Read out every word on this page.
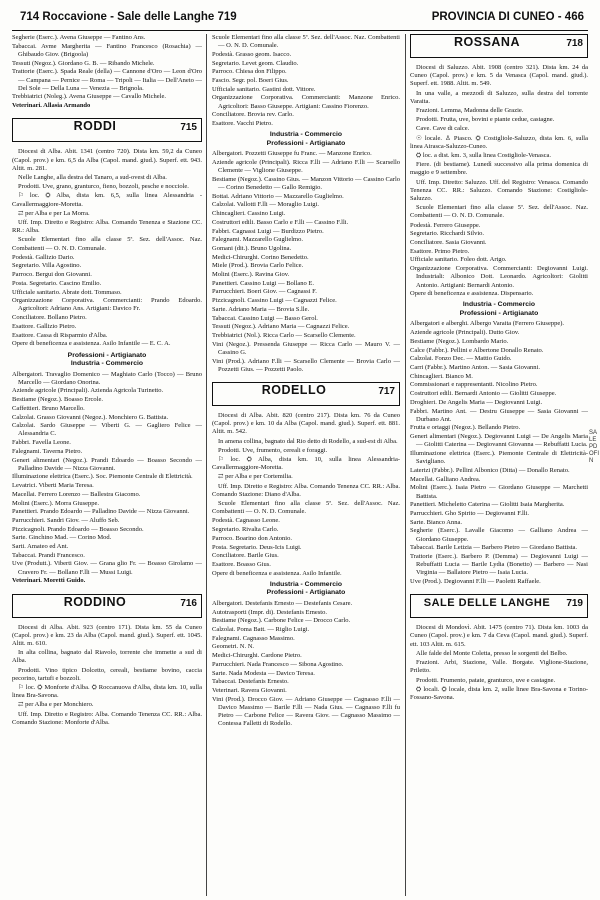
714 Roccavione - Sale delle Langhe 719	PROVINCIA DI CUNEO - 466
Segherie (Eserc.). Avena Giuseppe — Fantino Ans.
Tabaccai. Avme Margherita — Fantino Francesco (Rosachia) — Ghibaudo Giov. (Brigoola)
Tessuti (Negoz.). Giordano G. B. — Ribando Michele.
Trattorie (Eserc.). Spada Reale (della) — Cannone d'Oro — Leon d'Oro — Campana — Pernice — Roma — Tripoli — Italia — Dell'Aneto — Del Sole — Della Luna — Venezia — Brignola.
Trebbiatrici (Noleg.). Avena Giuseppe — Cavallo Michele.
Veterinari. Allasia Armando
RODDI	715
Diocesi di Alba. Abit. 1341 (centro 720). Dista km. 59,2 da Cuneo (Capol. prov.) e km. 6,5 da Alba (Capol. mand. giud.). Superf. ett. 943. Altit. m. 281.
Nelle Langhe, alla destra del Tanaro, a sud-ovest di Alba.
Prodotti. Uve, grano, granturco, fieno, bozzoli, pesche e nocciole.
⚐ loc. ⛭ Alba, dista km. 6,5, sulla linea Alessandria - Cavallermaggiore-Moretta.
⇄ per Alba e per La Morra.
Uff. Imp. Diretto e Registro: Alba. Comando Tenenza e Stazione CC. RR.: Alba.
Scuole Elementari fino alla classe 5ª. Sez. dell'Assoc. Naz. Combattenti — O. N. D. Comunale.
Podestà. Gallizio Dario.
Segretario. Villa Agostino.
Parroco. Bergui don Giovanni.
Posta. Segretario. Cascino Emilio.
Ufficiale sanitario. Abrate dott. Tommaso.
Organizzazione Corporativa. Commercianti: Prando Edoardo. Agricoltori: Adriano Ans. Artigiani: Davico Fr.
Conciliatore. Bollano Pietro.
Esattore. Gallizio Pietro.
Esattore. Cassa di Risparmio d'Alba.
Opere di beneficenza e assistenza. Asilo Infantile — E. C. A.
Professioni - Artigianato
Industria - Commercio
Albergatori. Travaglio Domenico — Maghiato Carlo (Tocco) — Bruno Marcello — Giordano Onorina.
Aziende agricole (Principali). Azienda Agricola Turinetto.
Bestiame (Negoz.). Boasso Ercole.
Caffettieri. Bruno Marcello.
Calzolai. Grasso Giovanni (Negoz.). Monchiero G. Battista.
Calzolai. Sardo Giuseppe — Viberti G. — Gagliero Felice — Alessandria C.
Fabbri. Favella Leone.
Falegnami. Taverna Pietro.
Generi alimentari (Negoz.). Prandi Edoardo — Boasso Secondo — Palladino Davide — Nizza Giovanni.
Illuminazione elettrica (Eserc.). Soc. Piemonte Centrale di Elettricità.
Levatrici. Viberti Maria Teresa.
Macellai. Ferrero Lorenzo — Ballestra Giacomo.
Molini (Eserc.). Morra Giuseppe.
Panettieri. Prando Edoardo — Palladino Davide — Nizza Giovanni.
Parrucchieri. Sandri Giov. — Aluffo Seb.
Pizzicagnoli. Prando Edoardo — Boasso Secondo.
Sarte. Ginchino Mad. — Corino Mod.
Sarti. Amateo ed Ant.
Tabaccai. Prandi Francesco.
Uve (Produtt.). Viberti Giov. — Grana glio Fr. — Boasso Girolamo — Cravero Fr. — Bollano F.lli — Mussi Luigi.
Veterinari. Moretti Guido.
RODDINO	716
Diocesi di Alba. Abit. 923 (centro 171). Dista km. 55 da Cuneo (Capol. prov.) e km. 23 da Alba (Capol. mand. giud.). Superf. ett. 1045. Altit. m. 610.
In alta collina, bagnato dal Riavolo, torrente che immette a sud di Alba.
Prodotti. Vino tipico Dolcetto, cereali, bestiame bovino, caccia pecorino, tartufi e bozzoli.
⚐ loc. ⛭ Monforte d'Alba. ⛭ Roccanuova d'Alba, dista km. 10, sulla linea Bra-Savona.
⇄ per Alba e per Monchiero.
Uff. Imp. Diretto e Registro: Alba. Comando Tenenza CC. RR.: Alba. Comando Stazione: Monforte d'Alba.
Scuole Elementari fino alla classe 5ª. Sez. dell'Assoc. Naz. Combattenti — O. N. D. Comunale.
Podestà. Grasso geom. Isacco.
Segretario. Levet geom. Claudio.
Parroco. Chiesa don Filippo.
Fascio. Segr. pol. Boeri Gius.
Ufficiale sanitario. Gastini dott. Vittore.
Organizzazione Corporativa. Commercianti: Manzone Enrico. Agricoltori: Basso Giuseppe. Artigiani: Cassino Fiorenzo.
Conciliatore. Brovia rev. Carlo.
Esattore. Vacchi Pietro.
Industria - Commercio
Professioni - Artigianato
Albergatori. Pozzetti Giuseppe fu Franc. — Manzone Enrico.
Aziende agricole (Principali). Ricca F.lli — Adriano F.lli — Scarsello Clemente — Viglione Giuseppe.
Bestiame (Negoz.). Cassino Gius. — Manzon Vittorio — Cassino Carlo — Corino Benedetto — Gallo Remigio.
Bottai. Adriano Vittorio — Mazzarello Guglielmo.
Calzolai. Vallotti F.lli — Moraglio Luigi.
Chincaglieri. Cassino Luigi.
Costruttori edili. Basso Carlo e F.lli — Cassino F.lli.
Fabbri. Cagnassi Luigi — Burdizzo Pietro.
Falegnami. Mazzarello Guglielmo.
Gomani (dit.). Bruno Ugolina.
Medici-Chirurghi. Corino Benedetto.
Miele (Prod.). Brovia Carlo Felice.
Molini (Eserc.). Ravina Giov.
Panettieri. Cassino Luigi — Bollano E.
Parrucchieri. Boeri Giov. — Cagnassi F.
Pizzicagnoli. Cassino Luigi — Cagnazzi Felice.
Sarte. Adriano Maria — Brovia S.lle.
Tabaccai. Cassino Luigi — Basso Gerol.
Tessuti (Negoz.). Adriano Maria — Cagnazzi Felice.
Trebbiatrici (Nol.). Ricca Carlo — Scarsello Clemente.
Vini (Negoz.). Pressenda Giuseppe — Ricca Carlo — Mauro V. — Cassino G.
Vini (Prod.). Adriano F.lli — Scarsello Clemente — Brovia Carlo — Pozzetti Gius. — Pozzetti Paolo.
RODELLO	717
Diocesi di Alba. Abit. 820 (centro 217). Dista km. 76 da Cuneo (Capol. prov.) e km. 10 da Alba (Capol. mand. giud.). Superf. ett. 881. Altit. m. 542.
In amena collina, bagnato dal Rio detto di Rodello, a sud-est di Alba.
Prodotti. Uve, frumento, cereali e foraggi.
⚐ loc. ⛭ Alba, dista km. 10, sulla linea Alessandria-Cavallermaggiore-Moretta.
⇄ per Alba e per Cortemilia.
Uff. Imp. Diretto e Registro: Alba. Comando Tenenza CC. RR.: Alba. Comando Stazione: Diano d'Alba.
Scuole Elementari fino alla classe 5ª. Sez. dell'Assoc. Naz. Combattenti — O. N. D. Comunale.
Podestà. Cagnasso Leone.
Segretario. Rivalta Carlo.
Parroco. Boarino don Antonio.
Posta. Segretario. Deus-Icis Luigi.
Conciliatore. Barile Gius.
Esattore. Boasso Gius.
Opere di beneficenza e assistenza. Asilo Infantile.
Industria - Commercio
Professioni - Artigianato
Albergatori. Destefanis Ernesto — Destefanis Cesare.
Autotrasporti (Impr. di). Destefanis Ernesto.
Bestiame (Negoz.). Carbone Felice — Drocco Carlo.
Calzolai. Poma Batt. — Riglio Luigi.
Falegnami. Cagnasso Massimo.
Geometri. N. N.
Medici-Chirurghi. Cardone Pietro.
Parrucchieri. Nada Francesco — Sibona Agostino.
Sarte. Nada Modesta — Davico Teresa.
Tabaccai. Destefanis Ernesto.
Veterinari. Ravera Giovanni.
Vini (Prod.). Drocco Giov. — Adriano Giuseppe — Cagnasso F.lli — Davico Massimo — Barile F.lli — Nada Gius. — Cagnasso F.lli fu Pietro — Carbone Felice — Ravera Giov. — Cagnasso Massimo — Contessa Falletti di Rodello.
ROSSANA	718
Diocesi di Saluzzo. Abit. 1908 (centro 321). Dista km. 24 da Cuneo (Capol. prov.) e km. 5 da Venasca (Capol. mand. giud.). Superf. ett. 1988. Altit. m. 549.
In una valle, a mezzodì di Saluzzo, sulla destra del torrente Varaita.
Frazioni. Lemma, Madonna delle Grazie.
Prodotti. Frutta, uve, bovini e piante cedue, castagne.
Cave. Cave di calce.
☉ locale. ♙ Piasco. ⛭ Costigliole-Saluzzo, dista km. 6, sulla linea Airasca-Saluzzo-Cuneo.
⛭ loc. a dist. km. 3, sulla linea Costigliole-Venasca.
Fiere. (di bestiame). Lunedì successivo alla prima domenica di maggio e 9 settembre.
Uff. Imp. Diretto: Saluzzo. Uff. del Registro: Venasca. Comando Tenenza CC. RR.: Saluzzo. Comando Stazione: Costigliole-Saluzzo.
Scuole Elementari fino alla classe 5ª. Sez. dell'Assoc. Naz. Combattenti — O. N. D. Comunale.
Podestà. Ferrero Giuseppe.
Segretario. Ricchardi Silvio.
Conciliatore. Sasia Giovanni.
Esattore. Primo Pietro.
Ufficiale sanitario. Foleo dott. Artgo.
Organizzazione Corporativa. Commercianti: Degiovanni Luigi. Industriali: Albonico Dott. Leonardo. Agricoltori: Giolitti Antonio. Artigiani: Bernardi Antonio.
Opere di beneficenza e assistenza. Dispensario.
Industria - Commercio
Professioni - Artigianato
Albergatori e alberghi. Albergo Varaita (Ferrero Giuseppe).
Aziende agricole (Principali). Dutto Giov.
Bestiame (Negoz.). Lombardo Mario.
Calce (Fabbr.). Pellini e Albertone Donallo Renato.
Calzolai. Fonzo Dec. — Mattio Guido.
Carri (Fabbr.). Martino Anton. — Sasia Giovanni.
Chincaglieri. Bianco M.
Commissionari e rappresentanti. Nicolino Pietro.
Costruttori edili. Bernardi Antonio — Giolitti Giuseppe.
Droghieri. De Angelis Maria — Degiovanni Luigi.
Fabbri. Martino Ant. — Destru Giuseppe — Sasia Giovanni — Durbano Ant.
Frutta e ortaggi (Negoz.). Bellando Pietro.
Generi alimentari (Negoz.). Degiovanni Luigi — De Angelis Maria — Giolitti Caterina — Degiovanni Giovanna — Rebuffatti Lucia.
Illuminazione elettrica (Eserc.). Piemonte Centrale di Elettricità-Savigliano.
Laterizi (Fabbr.). Pellini Albonico (Ditta) — Donallo Renato.
Macellai. Galliano Andrea.
Molini (Eserc.). Isaia Pietro — Giordano Giuseppe — Marchetti Battista.
Panettieri. Micheletto Caterina — Giolitti Isaia Margherita.
Parrucchieri. Gho Spirito — Degiovanni F.lli.
Sarte. Bianco Anna.
Segherie (Eserc.). Lavalle Giacomo — Galliano Andrea — Giordano Giuseppe.
Tabaccai. Barile Letizia — Barbero Pietro — Giordano Battista.
Trattorie (Eserc.). Barbero P. (Demma) — Degiovanni Luigi — Rebuffatti Lucia — Barile Lydia (Bonetto) — Barbero — Nasi Virginia — Ballatore Pietro — Isaia Lucia.
Uve (Prod.). Degiovanni F.lli — Paoletti Raffaele.
SALE DELLE LANGHE	719
Diocesi di Mondovì. Abit. 1475 (centro 71). Dista km. 1003 da Cuneo (Capol. prov.) e km. 7 da Ceva (Capol. mand. giud.). Superf. ett. 103 Altit. m. 615.
Alle falde del Monte Coletta, presso le sorgenti del Belbo.
Frazioni. Arbi, Stazione, Valle. Borgate. Viglione-Stazione, Priletto.
Prodotti. Frumento, patate, granturco, uve e castagne.
⛭ locali. ⛭ locale, dista km. 2, sulle linee Bra-Savona e Torino-Fossano-Savona.
SALE PDOFIN
